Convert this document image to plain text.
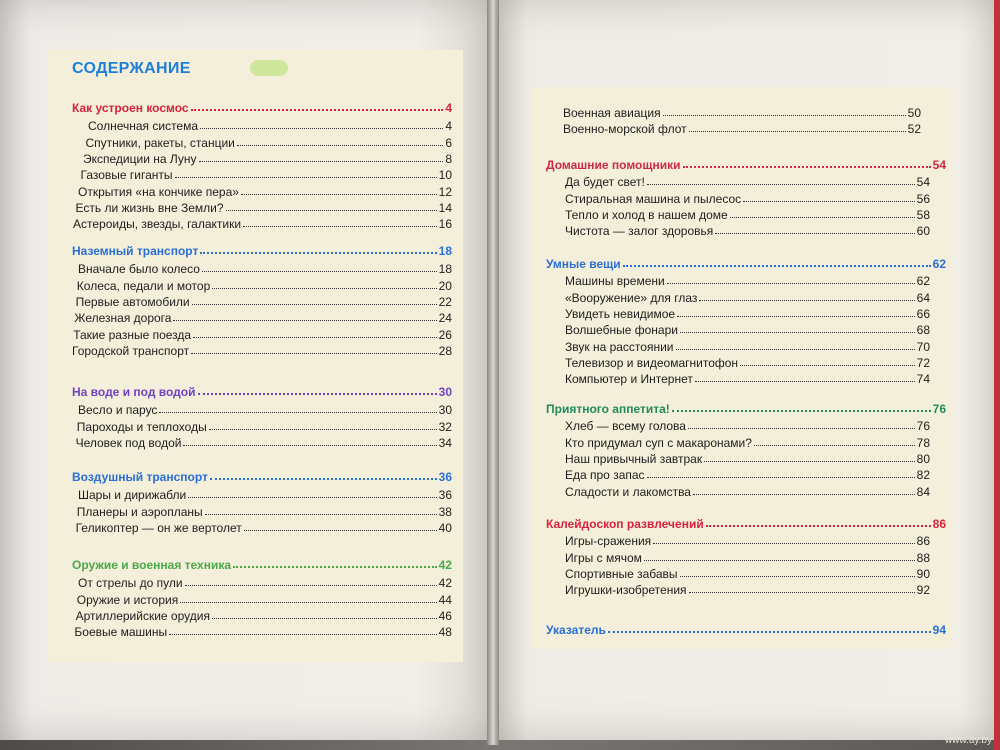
СОДЕРЖАНИЕ
Как устроен космос	4
Солнечная система	4
Спутники, ракеты, станции	6
Экспедиции на Луну	8
Газовые гиганты	10
Открытия «на кончике пера»	12
Есть ли жизнь вне Земли?	14
Астероиды, звезды, галактики	16
Наземный транспорт	18
Вначале было колесо	18
Колеса, педали и мотор	20
Первые автомобили	22
Железная дорога	24
Такие разные поезда	26
Городской транспорт	28
На воде и под водой	30
Весло и парус	30
Пароходы и теплоходы	32
Человек под водой	34
Воздушный транспорт	36
Шары и дирижабли	36
Планеры и аэропланы	38
Геликоптер — он же вертолет	40
Оружие и военная техника	42
От стрелы до пули	42
Оружие и история	44
Артиллерийские орудия	46
Боевые машины	48
Военная авиация	50
Военно-морской флот	52
Домашние помощники	54
Да будет свет!	54
Стиральная машина и пылесос	56
Тепло и холод в нашем доме	58
Чистота — залог здоровья	60
Умные вещи	62
Машины времени	62
«Вооружение» для глаз	64
Увидеть невидимое	66
Волшебные фонари	68
Звук на расстоянии	70
Телевизор и видеомагнитофон	72
Компьютер и Интернет	74
Приятного аппетита!	76
Хлеб — всему голова	76
Кто придумал суп с макаронами?	78
Наш привычный завтрак	80
Еда про запас	82
Сладости и лакомства	84
Калейдоскоп развлечений	86
Игры-сражения	86
Игры с мячом	88
Спортивные забавы	90
Игрушки-изобретения	92
Указатель	94
www.ay.by
